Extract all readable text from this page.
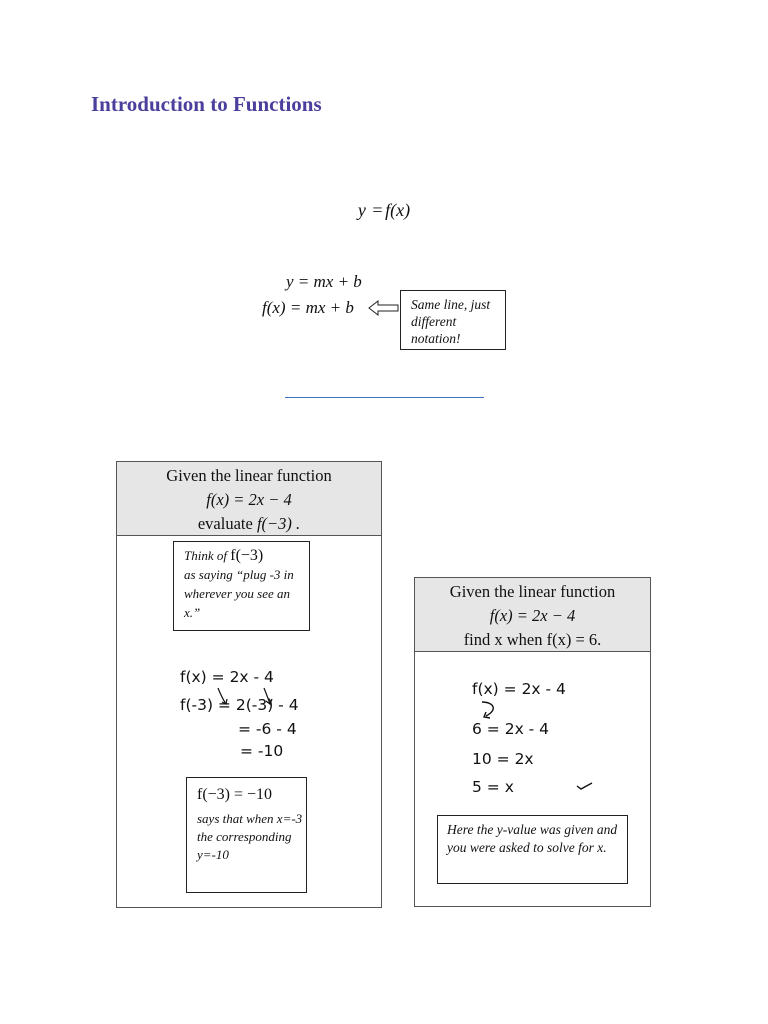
Introduction to Functions
y = f(x)
y = mx + b
f(x) = mx + b	Same line, just different notation!
Given the linear function
f(x) = 2x − 4
evaluate f(−3) .
Think of f(−3)
as saying “plug -3 in wherever you see an x.”
f(x) = 2x - 4
f(-3) = 2(-3) - 4
= -6 - 4
= -10
f(−3) = −10
says that when x=-3 the corresponding y=-10
Given the linear function
f(x) = 2x − 4
find x when f(x) = 6.
f(x) = 2x - 4
6 = 2x - 4
10 = 2x
5 = x
Here the y-value was given and you were asked to solve for x.
